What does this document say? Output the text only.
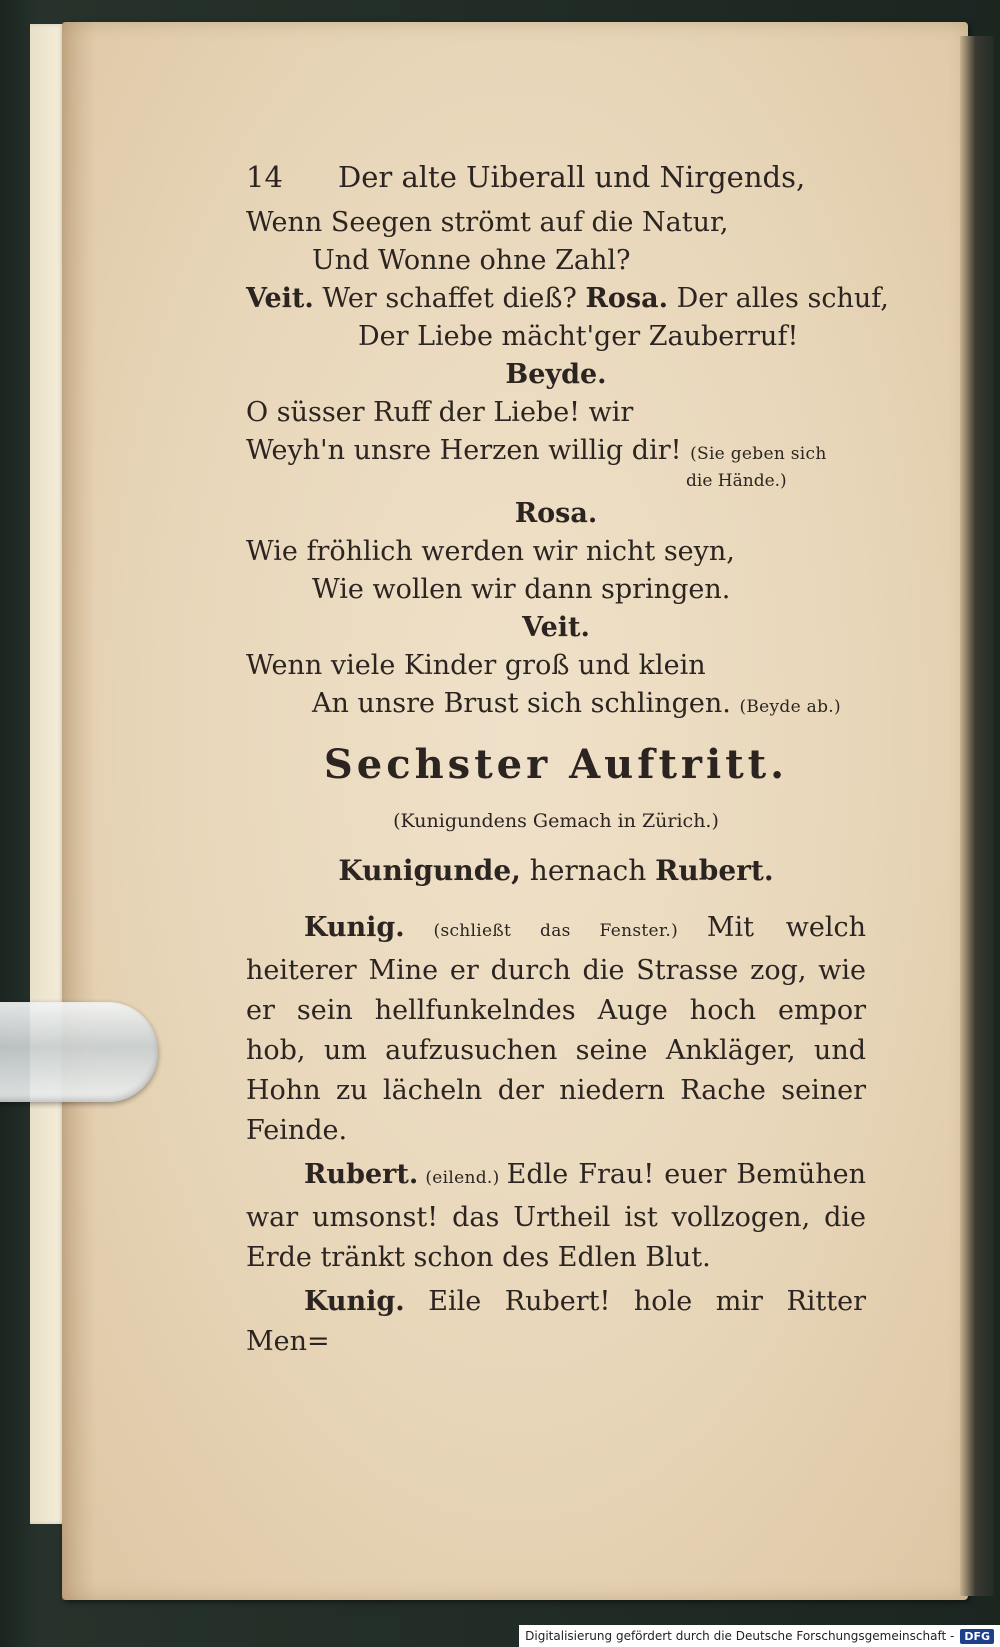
14 Der alte Uiberall und Nirgends,
Wenn Seegen strömt auf die Natur,
Und Wonne ohne Zahl?
Veit. Wer schaffet dieß? Rosa. Der alles schuf,
Der Liebe mächt'ger Zauberruf!
Beyde.
O süsser Ruff der Liebe! wir
Weyh'n unsre Herzen willig dir! (Sie geben sich
die Hände.)
Rosa.
Wie fröhlich werden wir nicht seyn,
Wie wollen wir dann springen.
Veit.
Wenn viele Kinder groß und klein
An unsre Brust sich schlingen. (Beyde ab.)
Sechster Auftritt.
(Kunigundens Gemach in Zürich.)
Kunigunde, hernach Rubert.

Kunig. (schließt das Fenster.) Mit welch heiterer Mine er durch die Strasse zog, wie er sein hellfunkelndes Auge hoch empor hob, um aufzusuchen seine Ankläger, und Hohn zu lächeln der niedern Rache seiner Feinde.

Rubert. (eilend.) Edle Frau! euer Bemühen war umsonst! das Urtheil ist vollzogen, die Erde tränkt schon des Edlen Blut.

Kunig. Eile Rubert! hole mir Ritter Men=

Digitalisierung gefördert durch die Deutsche Forschungsgemeinschaft - DFG
